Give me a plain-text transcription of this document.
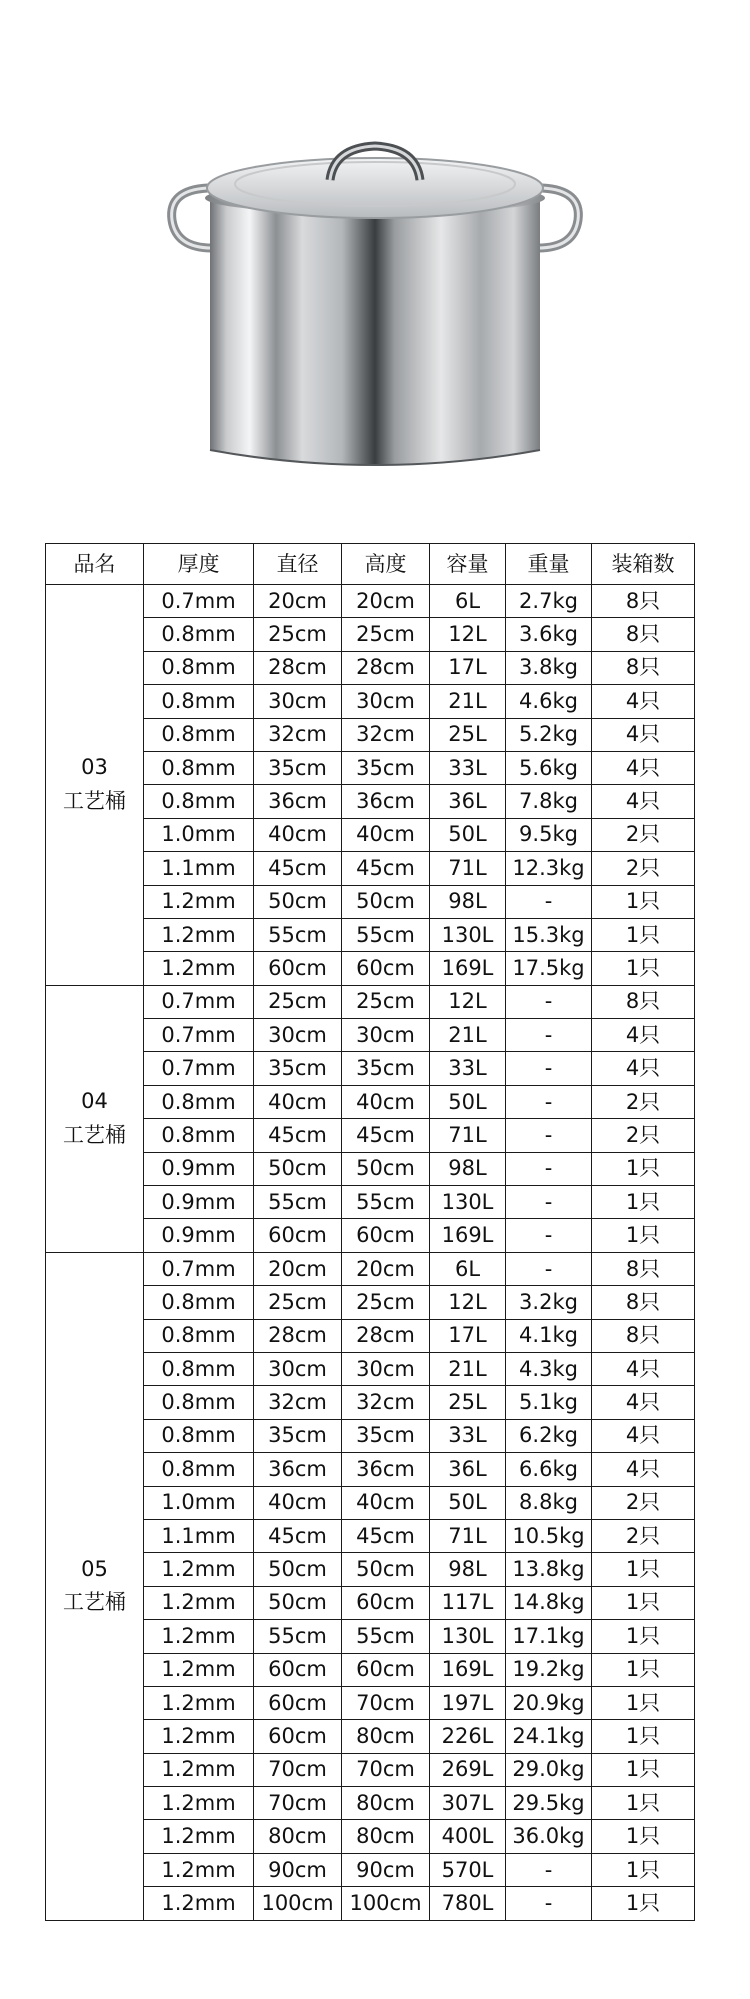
品名	厚度	直径	高度	容量	重量	装箱数

03
工艺桶	0.7mm	20cm	20cm	6L	2.7kg	8只
	0.8mm	25cm	25cm	12L	3.6kg	8只
	0.8mm	28cm	28cm	17L	3.8kg	8只
	0.8mm	30cm	30cm	21L	4.6kg	4只
	0.8mm	32cm	32cm	25L	5.2kg	4只
	0.8mm	35cm	35cm	33L	5.6kg	4只
	0.8mm	36cm	36cm	36L	7.8kg	4只
	1.0mm	40cm	40cm	50L	9.5kg	2只
	1.1mm	45cm	45cm	71L	12.3kg	2只
	1.2mm	50cm	50cm	98L	-	1只
	1.2mm	55cm	55cm	130L	15.3kg	1只
	1.2mm	60cm	60cm	169L	17.5kg	1只

04
工艺桶	0.7mm	25cm	25cm	12L	-	8只
	0.7mm	30cm	30cm	21L	-	4只
	0.7mm	35cm	35cm	33L	-	4只
	0.8mm	40cm	40cm	50L	-	2只
	0.8mm	45cm	45cm	71L	-	2只
	0.9mm	50cm	50cm	98L	-	1只
	0.9mm	55cm	55cm	130L	-	1只
	0.9mm	60cm	60cm	169L	-	1只

05
工艺桶	0.7mm	20cm	20cm	6L	-	8只
	0.8mm	25cm	25cm	12L	3.2kg	8只
	0.8mm	28cm	28cm	17L	4.1kg	8只
	0.8mm	30cm	30cm	21L	4.3kg	4只
	0.8mm	32cm	32cm	25L	5.1kg	4只
	0.8mm	35cm	35cm	33L	6.2kg	4只
	0.8mm	36cm	36cm	36L	6.6kg	4只
	1.0mm	40cm	40cm	50L	8.8kg	2只
	1.1mm	45cm	45cm	71L	10.5kg	2只
	1.2mm	50cm	50cm	98L	13.8kg	1只
	1.2mm	50cm	60cm	117L	14.8kg	1只
	1.2mm	55cm	55cm	130L	17.1kg	1只
	1.2mm	60cm	60cm	169L	19.2kg	1只
	1.2mm	60cm	70cm	197L	20.9kg	1只
	1.2mm	60cm	80cm	226L	24.1kg	1只
	1.2mm	70cm	70cm	269L	29.0kg	1只
	1.2mm	70cm	80cm	307L	29.5kg	1只
	1.2mm	80cm	80cm	400L	36.0kg	1只
	1.2mm	90cm	90cm	570L	-	1只
	1.2mm	100cm	100cm	780L	-	1只
